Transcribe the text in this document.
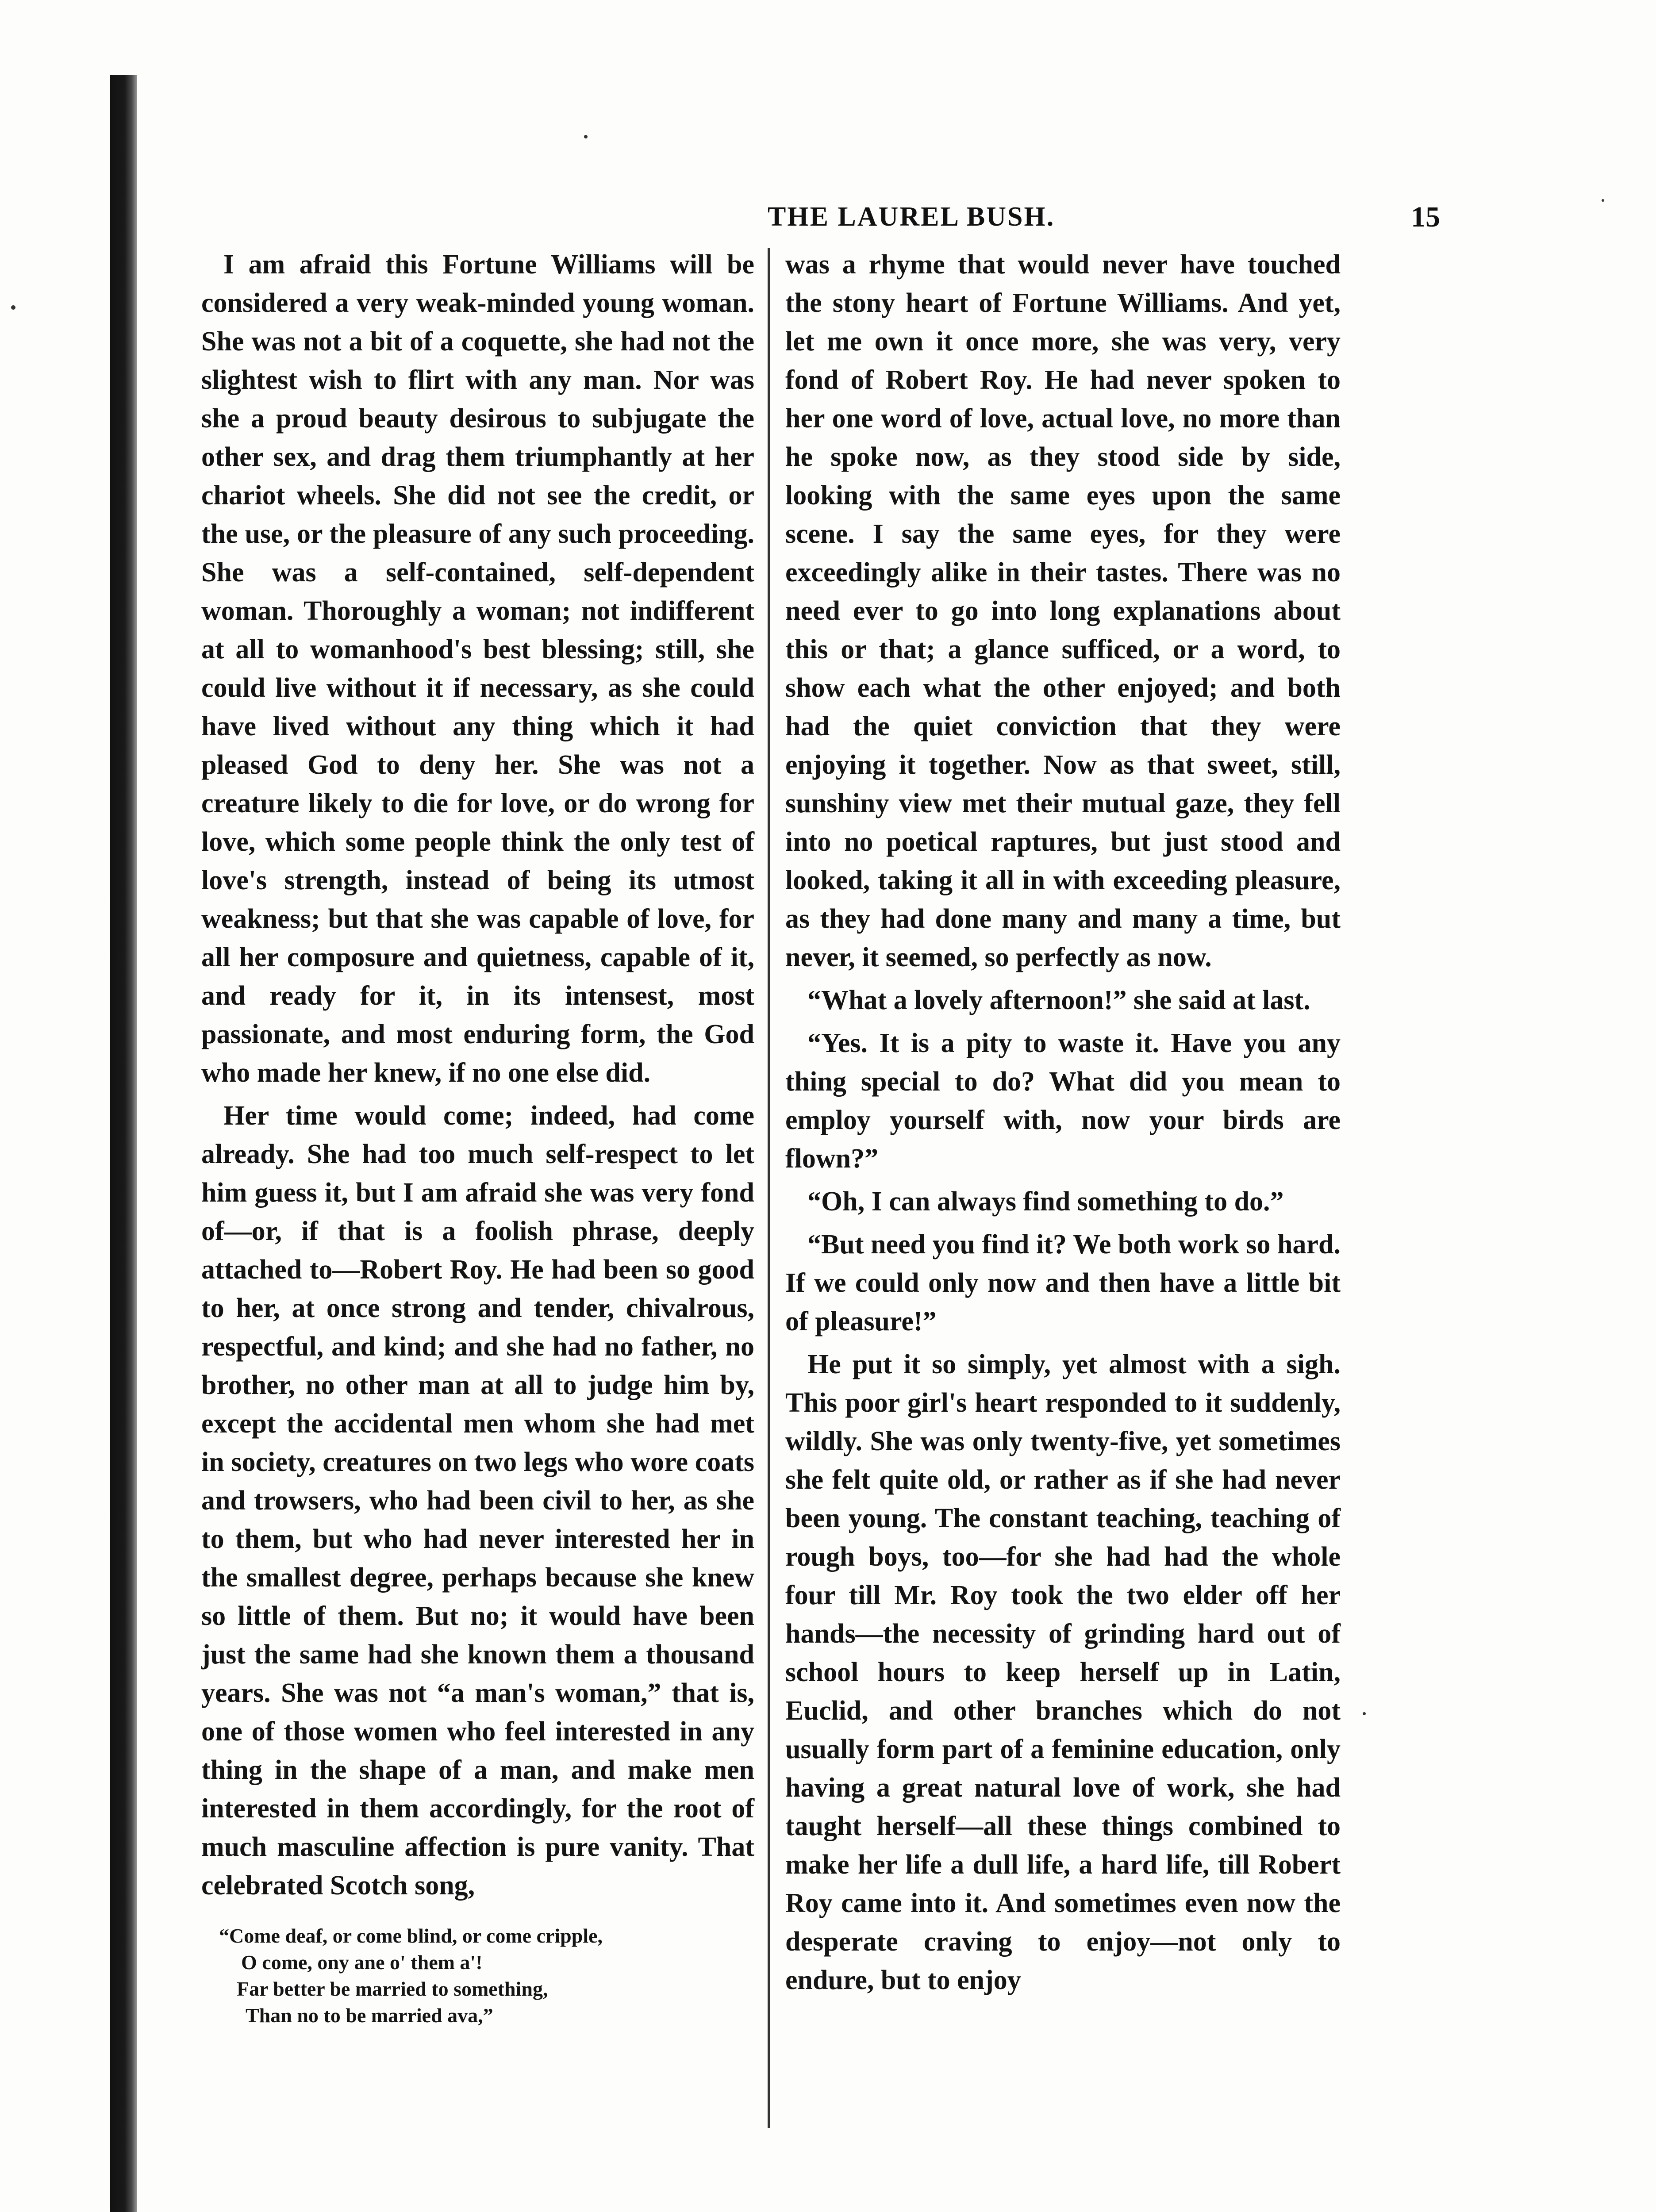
THE LAUREL BUSH.	15

I am afraid this Fortune Williams will be considered a very weak-minded young woman. She was not a bit of a coquette, she had not the slightest wish to flirt with any man. Nor was she a proud beauty desirous to subjugate the other sex, and drag them triumphantly at her chariot wheels. She did not see the credit, or the use, or the pleasure of any such proceeding. She was a self-contained, self-dependent woman. Thoroughly a woman; not indifferent at all to womanhood's best blessing; still, she could live without it if necessary, as she could have lived without any thing which it had pleased God to deny her. She was not a creature likely to die for love, or do wrong for love, which some people think the only test of love's strength, instead of being its utmost weakness; but that she was capable of love, for all her composure and quietness, capable of it, and ready for it, in its intensest, most passionate, and most enduring form, the God who made her knew, if no one else did.

Her time would come; indeed, had come already. She had too much self-respect to let him guess it, but I am afraid she was very fond of—or, if that is a foolish phrase, deeply attached to—Robert Roy. He had been so good to her, at once strong and tender, chivalrous, respectful, and kind; and she had no father, no brother, no other man at all to judge him by, except the accidental men whom she had met in society, creatures on two legs who wore coats and trowsers, who had been civil to her, as she to them, but who had never interested her in the smallest degree, perhaps because she knew so little of them. But no; it would have been just the same had she known them a thousand years. She was not “a man's woman,” that is, one of those women who feel interested in any thing in the shape of a man, and make men interested in them accordingly, for the root of much masculine affection is pure vanity. That celebrated Scotch song,

“Come deaf, or come blind, or come cripple,
O come, ony ane o' them a'!
Far better be married to something,
Than no to be married ava,”

was a rhyme that would never have touched the stony heart of Fortune Williams. And yet, let me own it once more, she was very, very fond of Robert Roy. He had never spoken to her one word of love, actual love, no more than he spoke now, as they stood side by side, looking with the same eyes upon the same scene. I say the same eyes, for they were exceedingly alike in their tastes. There was no need ever to go into long explanations about this or that; a glance sufficed, or a word, to show each what the other enjoyed; and both had the quiet conviction that they were enjoying it together. Now as that sweet, still, sunshiny view met their mutual gaze, they fell into no poetical raptures, but just stood and looked, taking it all in with exceeding pleasure, as they had done many and many a time, but never, it seemed, so perfectly as now.

“What a lovely afternoon!” she said at last.

“Yes. It is a pity to waste it. Have you any thing special to do? What did you mean to employ yourself with, now your birds are flown?”

“Oh, I can always find something to do.”

“But need you find it? We both work so hard. If we could only now and then have a little bit of pleasure!”

He put it so simply, yet almost with a sigh. This poor girl's heart responded to it suddenly, wildly. She was only twenty-five, yet sometimes she felt quite old, or rather as if she had never been young. The constant teaching, teaching of rough boys, too—for she had had the whole four till Mr. Roy took the two elder off her hands—the necessity of grinding hard out of school hours to keep herself up in Latin, Euclid, and other branches which do not usually form part of a feminine education, only having a great natural love of work, she had taught herself—all these things combined to make her life a dull life, a hard life, till Robert Roy came into it. And sometimes even now the desperate craving to enjoy—not only to endure, but to enjoy
